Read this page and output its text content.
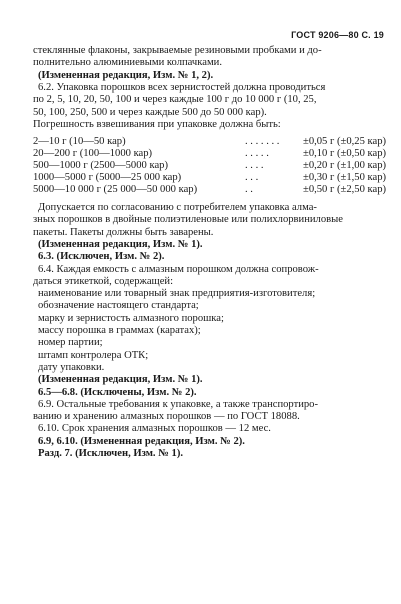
ГОСТ 9206—80 С. 19
стеклянные флаконы, закрываемые резиновыми пробками и до-
полнительно алюминиевыми колпачками.
(Измененная редакция, Изм. № 1, 2).
6.2. Упаковка порошков всех зернистостей должна проводиться
по 2, 5, 10, 20, 50, 100 и через каждые 100 г до 10 000 г (10, 25,
50, 100, 250, 500 и через каждые 500 до 50 000 кар).
Погрешность взвешивания при упаковке должна быть:
2—10 г (10—50 кар)	. . . . . . . ±0,05 г (±0,25 кар)
20—200 г (100—1000 кар)	. . . . .	±0,10 г (±0,50 кар)
500—1000 г (2500—5000 кар)	. . . .	±0,20 г (±1,00 кар)
1000—5000 г (5000—25 000 кар)	. . .	±0,30 г (±1,50 кар)
5000—10 000 г (25 000—50 000 кар)	. .	±0,50 г (±2,50 кар)
Допускается по согласованию с потребителем упаковка алма-
зных порошков в двойные полиэтиленовые или полихлорвиниловые
пакеты. Пакеты должны быть заварены.
(Измененная редакция, Изм. № 1).
6.3. (Исключен, Изм. № 2).
6.4. Каждая емкость с алмазным порошком должна сопровож-
даться этикеткой, содержащей:
наименование или товарный знак предприятия-изготовителя;
обозначение настоящего стандарта;
марку и зернистость алмазного порошка;
массу порошка в граммах (каратах);
номер партии;
штамп контролера ОТК;
дату упаковки.
(Измененная редакция, Изм. № 1).
6.5—6.8. (Исключены, Изм. № 2).
6.9. Остальные требования к упаковке, а также транспортиро-
ванию и хранению алмазных порошков — по ГОСТ 18088.
6.10. Срок хранения алмазных порошков — 12 мес.
6.9, 6.10. (Измененная редакция, Изм. № 2).
Разд. 7. (Исключен, Изм. № 1).
